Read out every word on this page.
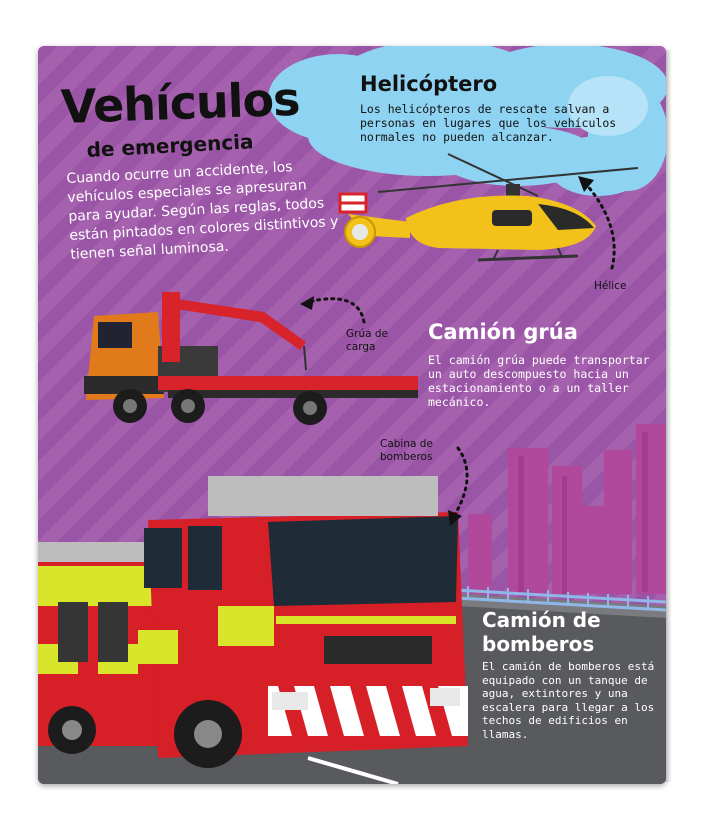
Vehículos
de emergencia

Cuando ocurre un accidente, los vehículos especiales se apresuran para ayudar. Según las reglas, todos están pintados en colores distintivos y tienen señal luminosa.

Helicóptero

Los helicópteros de rescate salvan a personas en lugares que los vehículos normales no pueden alcanzar.

Hélice

Camión grúa

El camión grúa puede transportar un auto descompuesto hacia un estacionamiento o a un taller mecánico.

Grúa de carga

Camión de bomberos

El camión de bomberos está equipado con un tanque de agua, extintores y una escalera para llegar a los techos de edificios en llamas.

Cabina de bomberos
